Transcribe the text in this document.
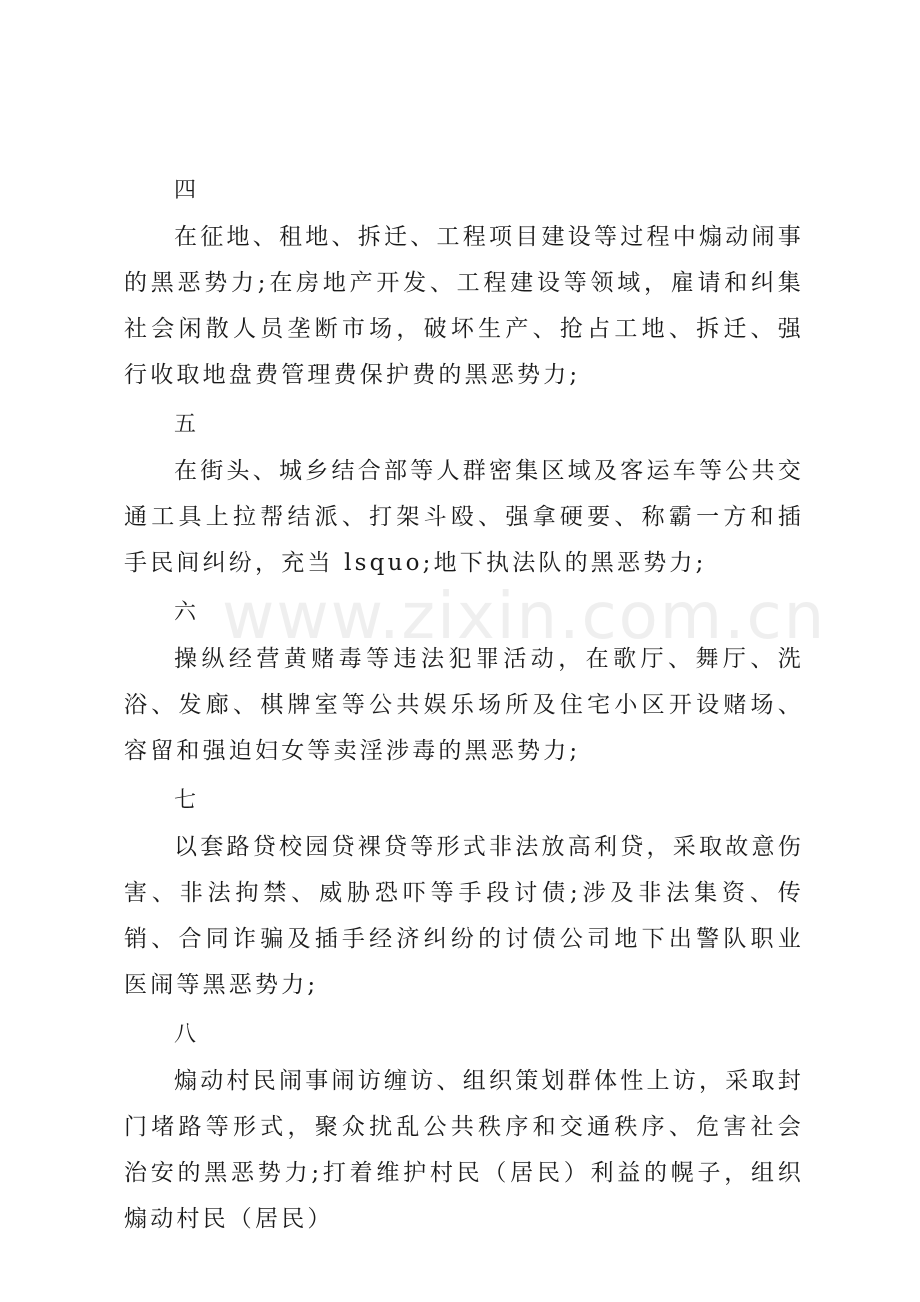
www.zixin.com.cn
四

在征地、租地、拆迁、工程项目建设等过程中煽动闹事的黑恶势力;在房地产开发、工程建设等领域，雇请和纠集社会闲散人员垄断市场，破坏生产、抢占工地、拆迁、强行收取地盘费管理费保护费的黑恶势力;

五

在街头、城乡结合部等人群密集区域及客运车等公共交通工具上拉帮结派、打架斗殴、强拿硬要、称霸一方和插手民间纠纷，充当 lsquo;地下执法队的黑恶势力;

六

操纵经营黄赌毒等违法犯罪活动，在歌厅、舞厅、洗浴、发廊、棋牌室等公共娱乐场所及住宅小区开设赌场、容留和强迫妇女等卖淫涉毒的黑恶势力;

七

以套路贷校园贷裸贷等形式非法放高利贷，采取故意伤害、非法拘禁、威胁恐吓等手段讨债;涉及非法集资、传销、合同诈骗及插手经济纠纷的讨债公司地下出警队职业医闹等黑恶势力;

八

煽动村民闹事闹访缠访、组织策划群体性上访，采取封门堵路等形式，聚众扰乱公共秩序和交通秩序、危害社会治安的黑恶势力;打着维护村民（居民）利益的幌子，组织煽动村民（居民）
